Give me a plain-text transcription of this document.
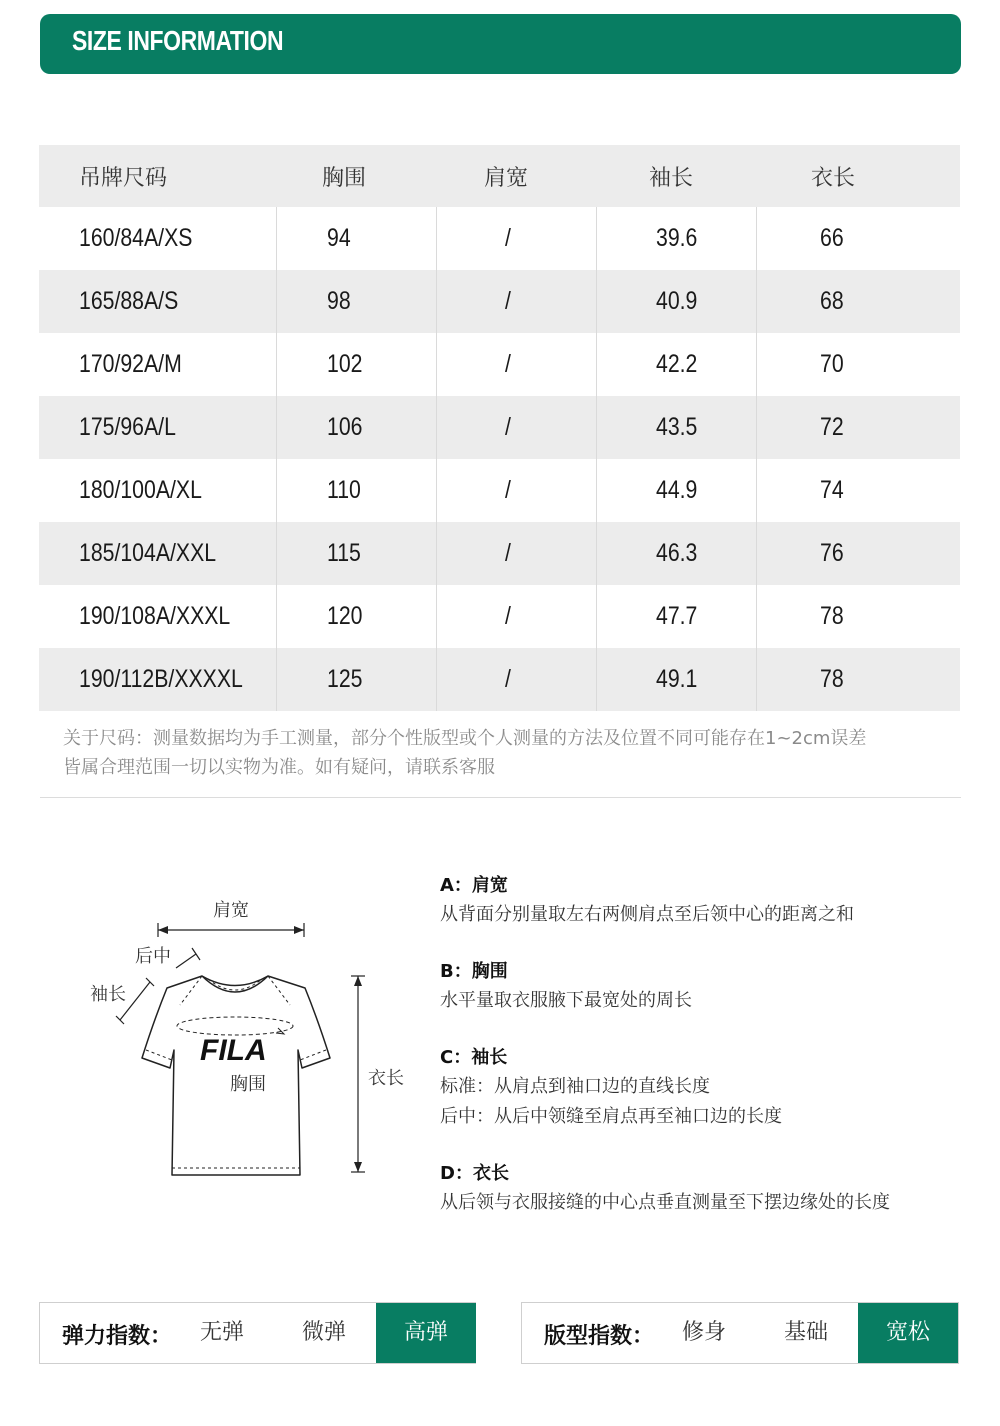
SIZE INFORMATION
吊牌尺码	胸围	肩宽	袖长	衣长
160/84A/XS	94	/	39.6	66
165/88A/S	98	/	40.9	68
170/92A/M	102	/	42.2	70
175/96A/L	106	/	43.5	72
180/100A/XL	110	/	44.9	74
185/104A/XXL	115	/	46.3	76
190/108A/XXXL	120	/	47.7	78
190/112B/XXXXL	125	/	49.1	78
关于尺码：测量数据均为手工测量，部分个性版型或个人测量的方法及位置不同可能存在1~2cm误差
皆属合理范围一切以实物为准。如有疑问，请联系客服
FILA
肩宽
后中
袖长
胸围	衣长
A：肩宽
从背面分别量取左右两侧肩点至后领中心的距离之和
B：胸围
水平量取衣服腋下最宽处的周长
C：袖长
标准：从肩点到袖口边的直线长度
后中：从后中领缝至肩点再至袖口边的长度
D：衣长
从后领与衣服接缝的中心点垂直测量至下摆边缘处的长度
弹力指数：	无弹	微弹	高弹	版型指数：	修身	基础	宽松
